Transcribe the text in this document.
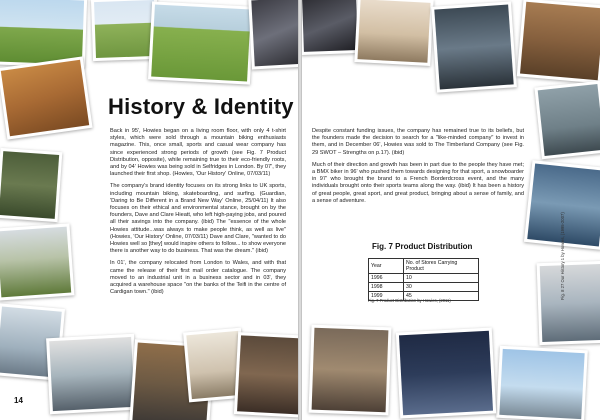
History & Identity

Back in 95', Howies began on a living room floor, with only 4 t-shirt styles, which were sold through a mountain biking enthusiasts magazine. This, once small, sports and casual wear company has since experienced strong periods of growth (see Fig. 7 Product Distribution, opposite), while remaining true to their eco-friendly roots, and by 04' Howies was being sold in Selfridges in London. By 07', they launched their first shop. (Howies, 'Our History' Online, 07/03/11)

The company's brand identity focuses on its strong links to UK sports, including mountain biking, skateboarding, and surfing. (Guardian, 'Daring to Be Different in a Brand New Way' Online, 25/04/11) It also focuses on their ethical and environmental stance, brought on by the founders, Dave and Clare Hieatt, who left high-paying jobs, and poured all their savings into the company. (ibid) The "essence of the whole Howies attitude...was always to make people think, as well as live" (Howies, 'Our History' Online, 07/03/11) Dave and Clare, "wanted to do Howies well so [they] would inspire others to follow... to show everyone there is another way to do business. That was the dream." (ibid)

In 01', the company relocated from London to Wales, and with that came the release of their first mail order catalogue. The company moved to an industrial unit in a business sector and in 03', they acquired a warehouse space "on the banks of the Teifi in the centre of Cardigan town." (ibid)

14

Despite constant funding issues, the company has remained true to its beliefs, but the founders made the decision to search for a "like-minded company" to invest in them, and in December 06', Howies was sold to The Timberland Company (see Fig. 29 SWOT – Strengths on p.17). (ibid)

Much of their direction and growth has been in part due to the people they have met; a BMX biker in 96' who pushed them towards designing for that sport, a snowboarder in 97' who brought the brand to a French Borderdcross event, and the many individuals brought onto their sports teams along the way. (ibid) It has been a history of great people, great sport, and great product, bringing about a sense of family, and a sense of adventure.

Fig. 7 Product Distribution
Year	No. of Stores Carrying Product
1996	10
1998	30
1999	45
Fig. 7 Product Distribution by Howies, (2011)
Fig. 8 27 Our History 1 by Howies, (1995-2007)
